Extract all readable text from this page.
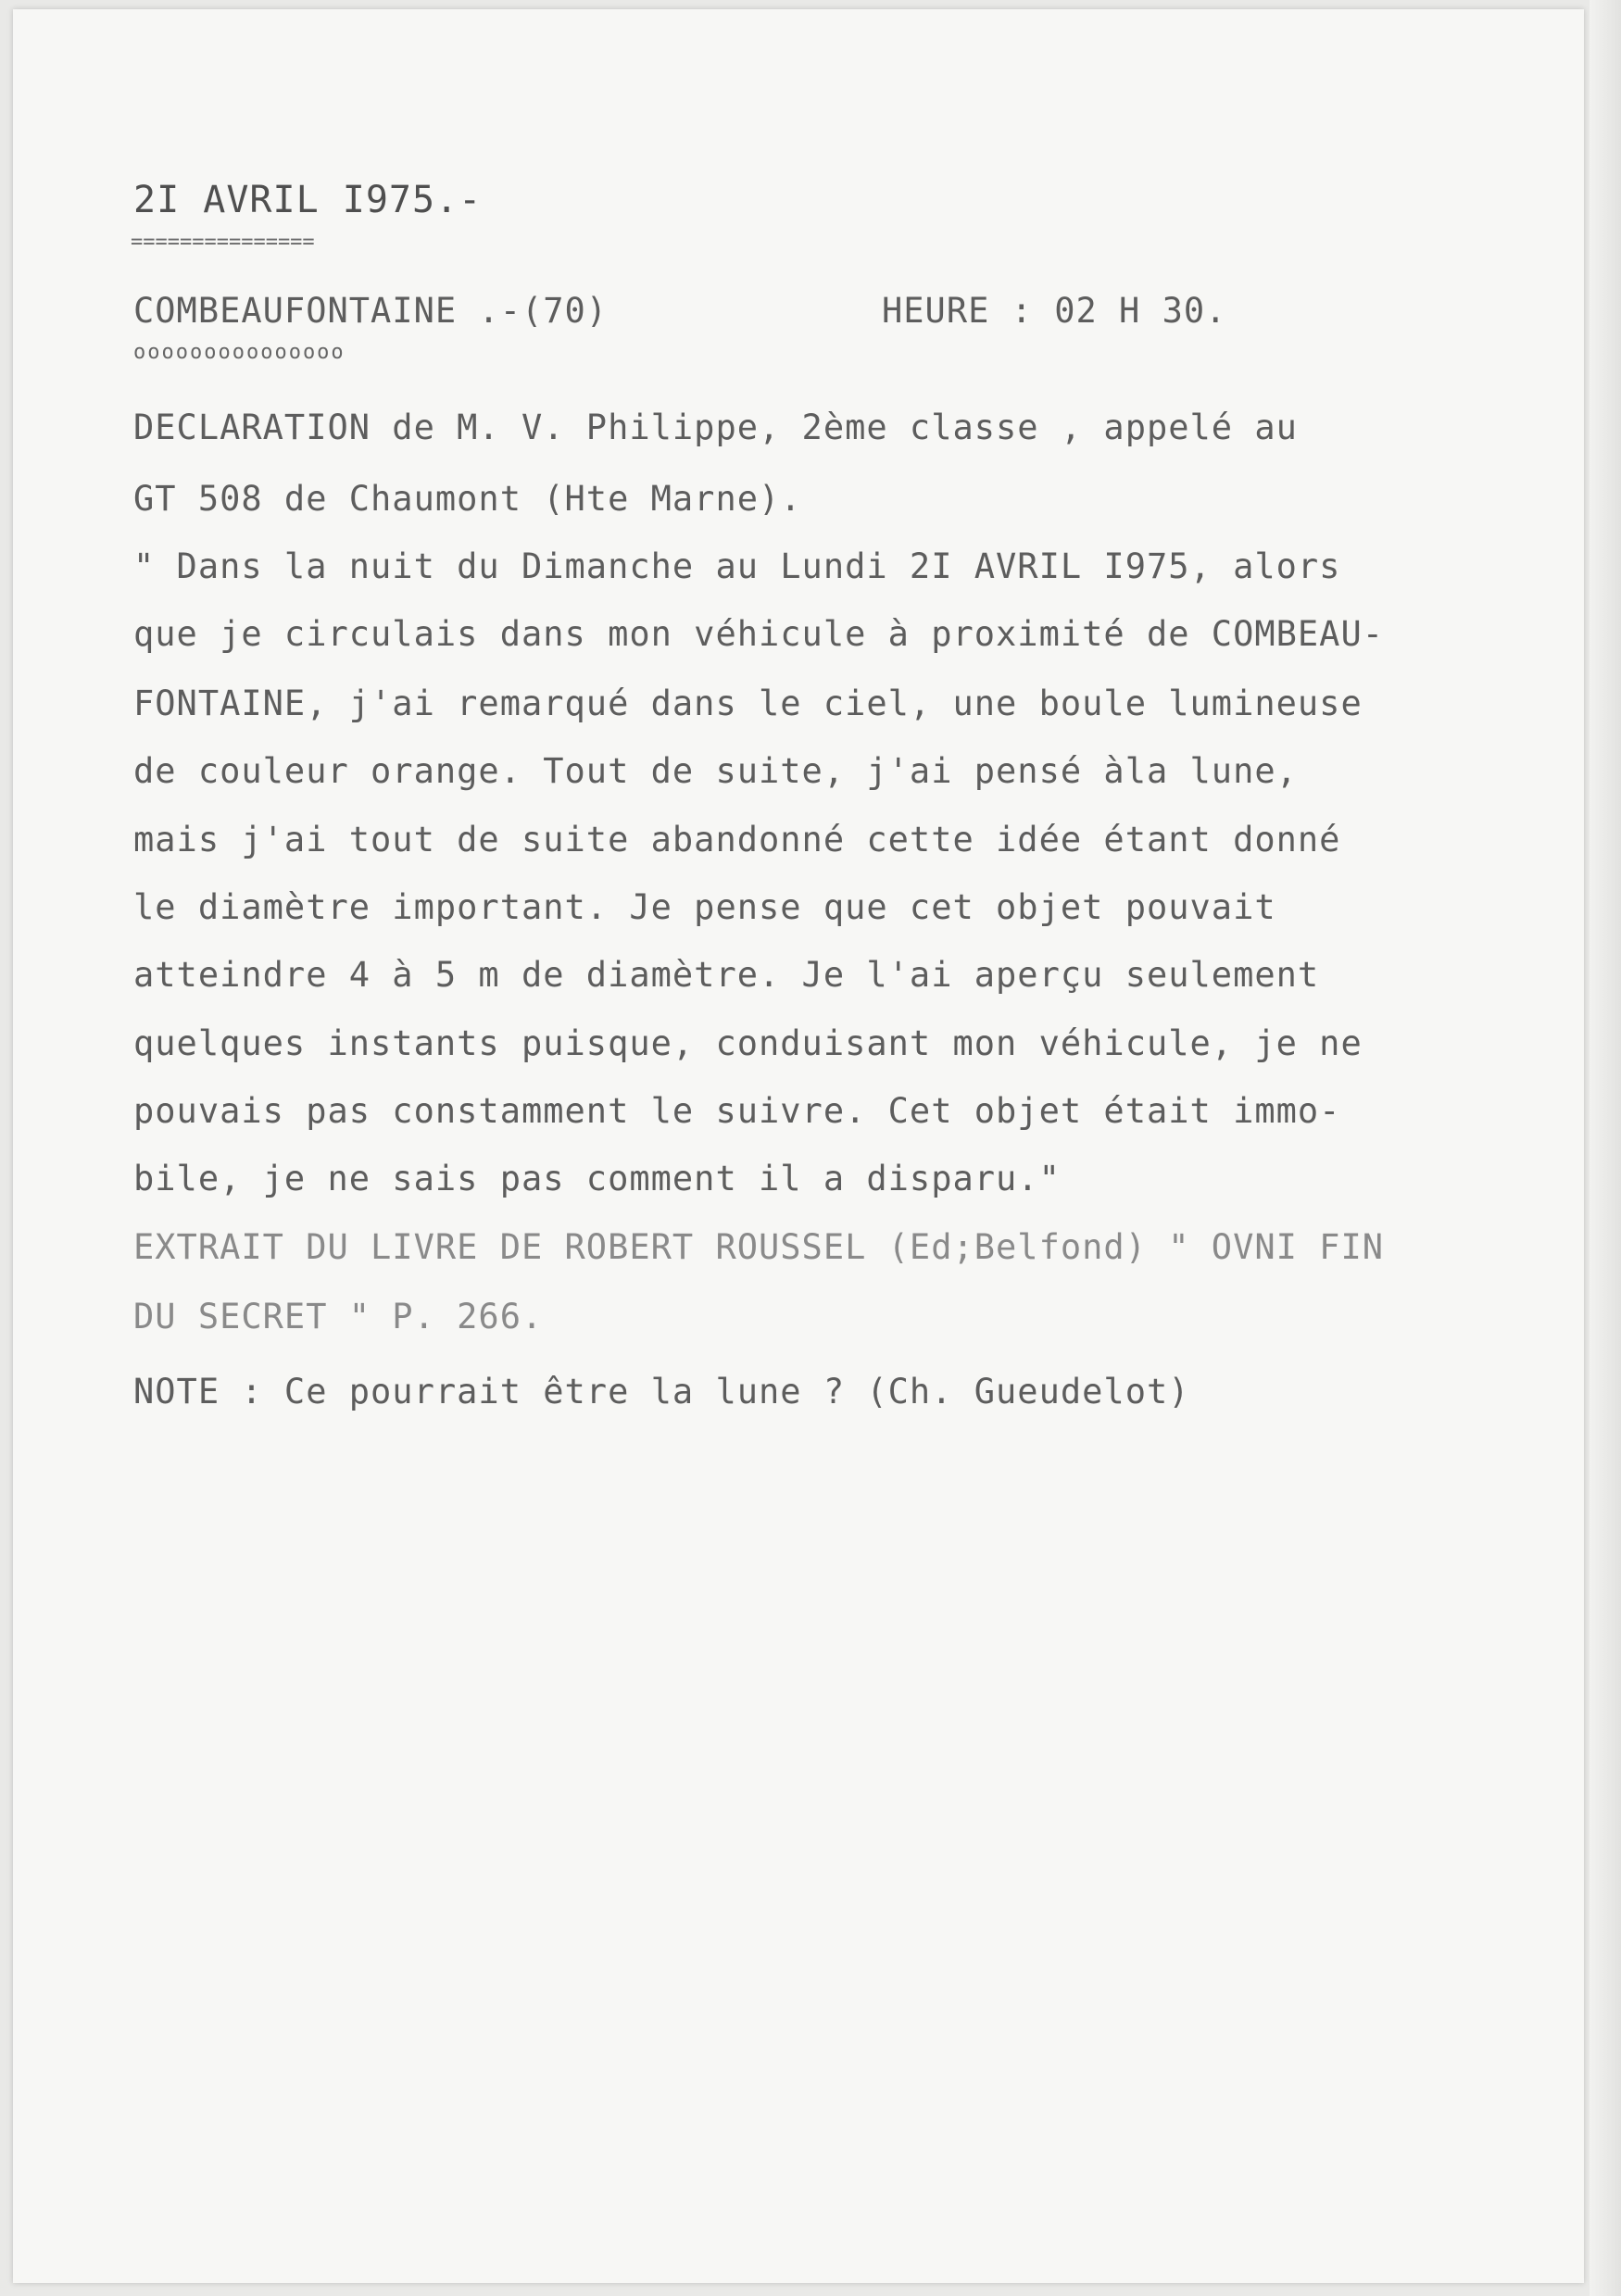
2I AVRIL I975.-
===============
COMBEAUFONTAINE .-(70)	HEURE : 02 H 30.
ooooooooooooooo
DECLARATION de M. V. Philippe, 2ème classe , appelé au
GT 508 de Chaumont (Hte Marne).
" Dans la nuit du Dimanche au Lundi 2I AVRIL I975, alors
que je circulais dans mon véhicule à proximité de COMBEAU-
FONTAINE, j'ai remarqué dans le ciel, une boule lumineuse
de couleur orange. Tout de suite, j'ai pensé àla lune,
mais j'ai tout de suite abandonné cette idée étant donné
le diamètre important. Je pense que cet objet pouvait
atteindre 4 à 5 m de diamètre. Je l'ai aperçu seulement
quelques instants puisque, conduisant mon véhicule, je ne
pouvais pas constamment le suivre. Cet objet était immo-
bile, je ne sais pas comment il a disparu."
EXTRAIT DU LIVRE DE ROBERT ROUSSEL (Ed;Belfond) " OVNI FIN
DU SECRET " P. 266.
NOTE : Ce pourrait être la lune ? (Ch. Gueudelot)
